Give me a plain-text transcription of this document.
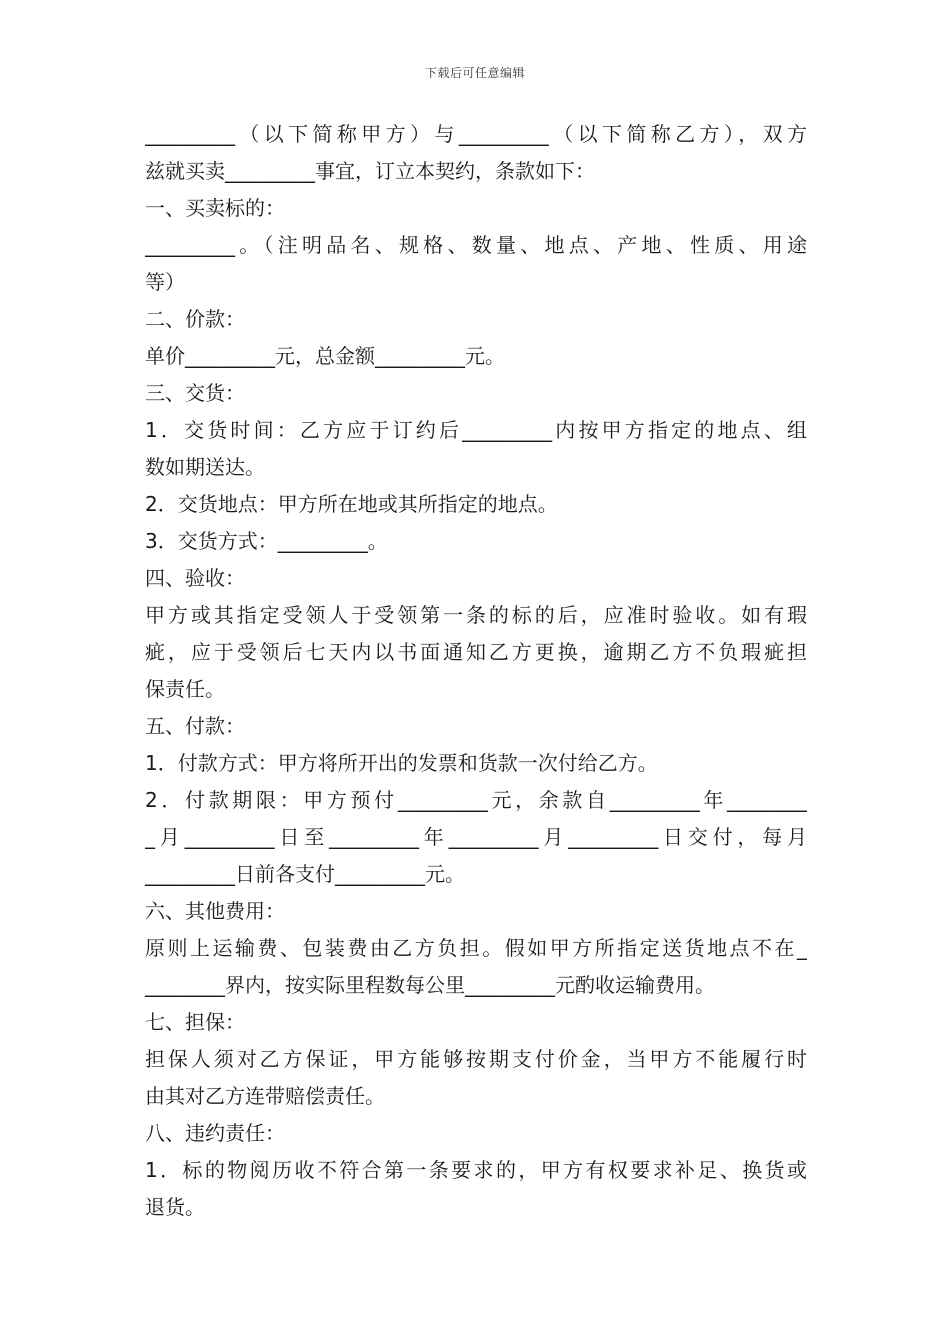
下载后可任意编辑
_________（以下简称甲方）与_________（以下简称乙方），双方
兹就买卖_________事宜，订立本契约，条款如下：
一、买卖标的：
_________。（注明品名、规格、数量、地点、产地、性质、用途
等）
二、价款：
单价_________元，总金额_________元。
三、交货：
1．交货时间：乙方应于订约后_________内按甲方指定的地点、组
数如期送达。
2．交货地点：甲方所在地或其所指定的地点。
3．交货方式：_________。
四、验收：
甲方或其指定受领人于受领第一条的标的后，应准时验收。如有瑕
疵，应于受领后七天内以书面通知乙方更换，逾期乙方不负瑕疵担
保责任。
五、付款：
1．付款方式：甲方将所开出的发票和货款一次付给乙方。
2．付款期限：甲方预付_________元，余款自_________年________
_月_________日至_________年_________月_________日交付，每月
_________日前各支付_________元。
六、其他费用：
原则上运输费、包装费由乙方负担。假如甲方所指定送货地点不在_
________界内，按实际里程数每公里_________元酌收运输费用。
七、担保：
担保人须对乙方保证，甲方能够按期支付价金，当甲方不能履行时
由其对乙方连带赔偿责任。
八、违约责任：
1．标的物阅历收不符合第一条要求的，甲方有权要求补足、换货或
退货。
